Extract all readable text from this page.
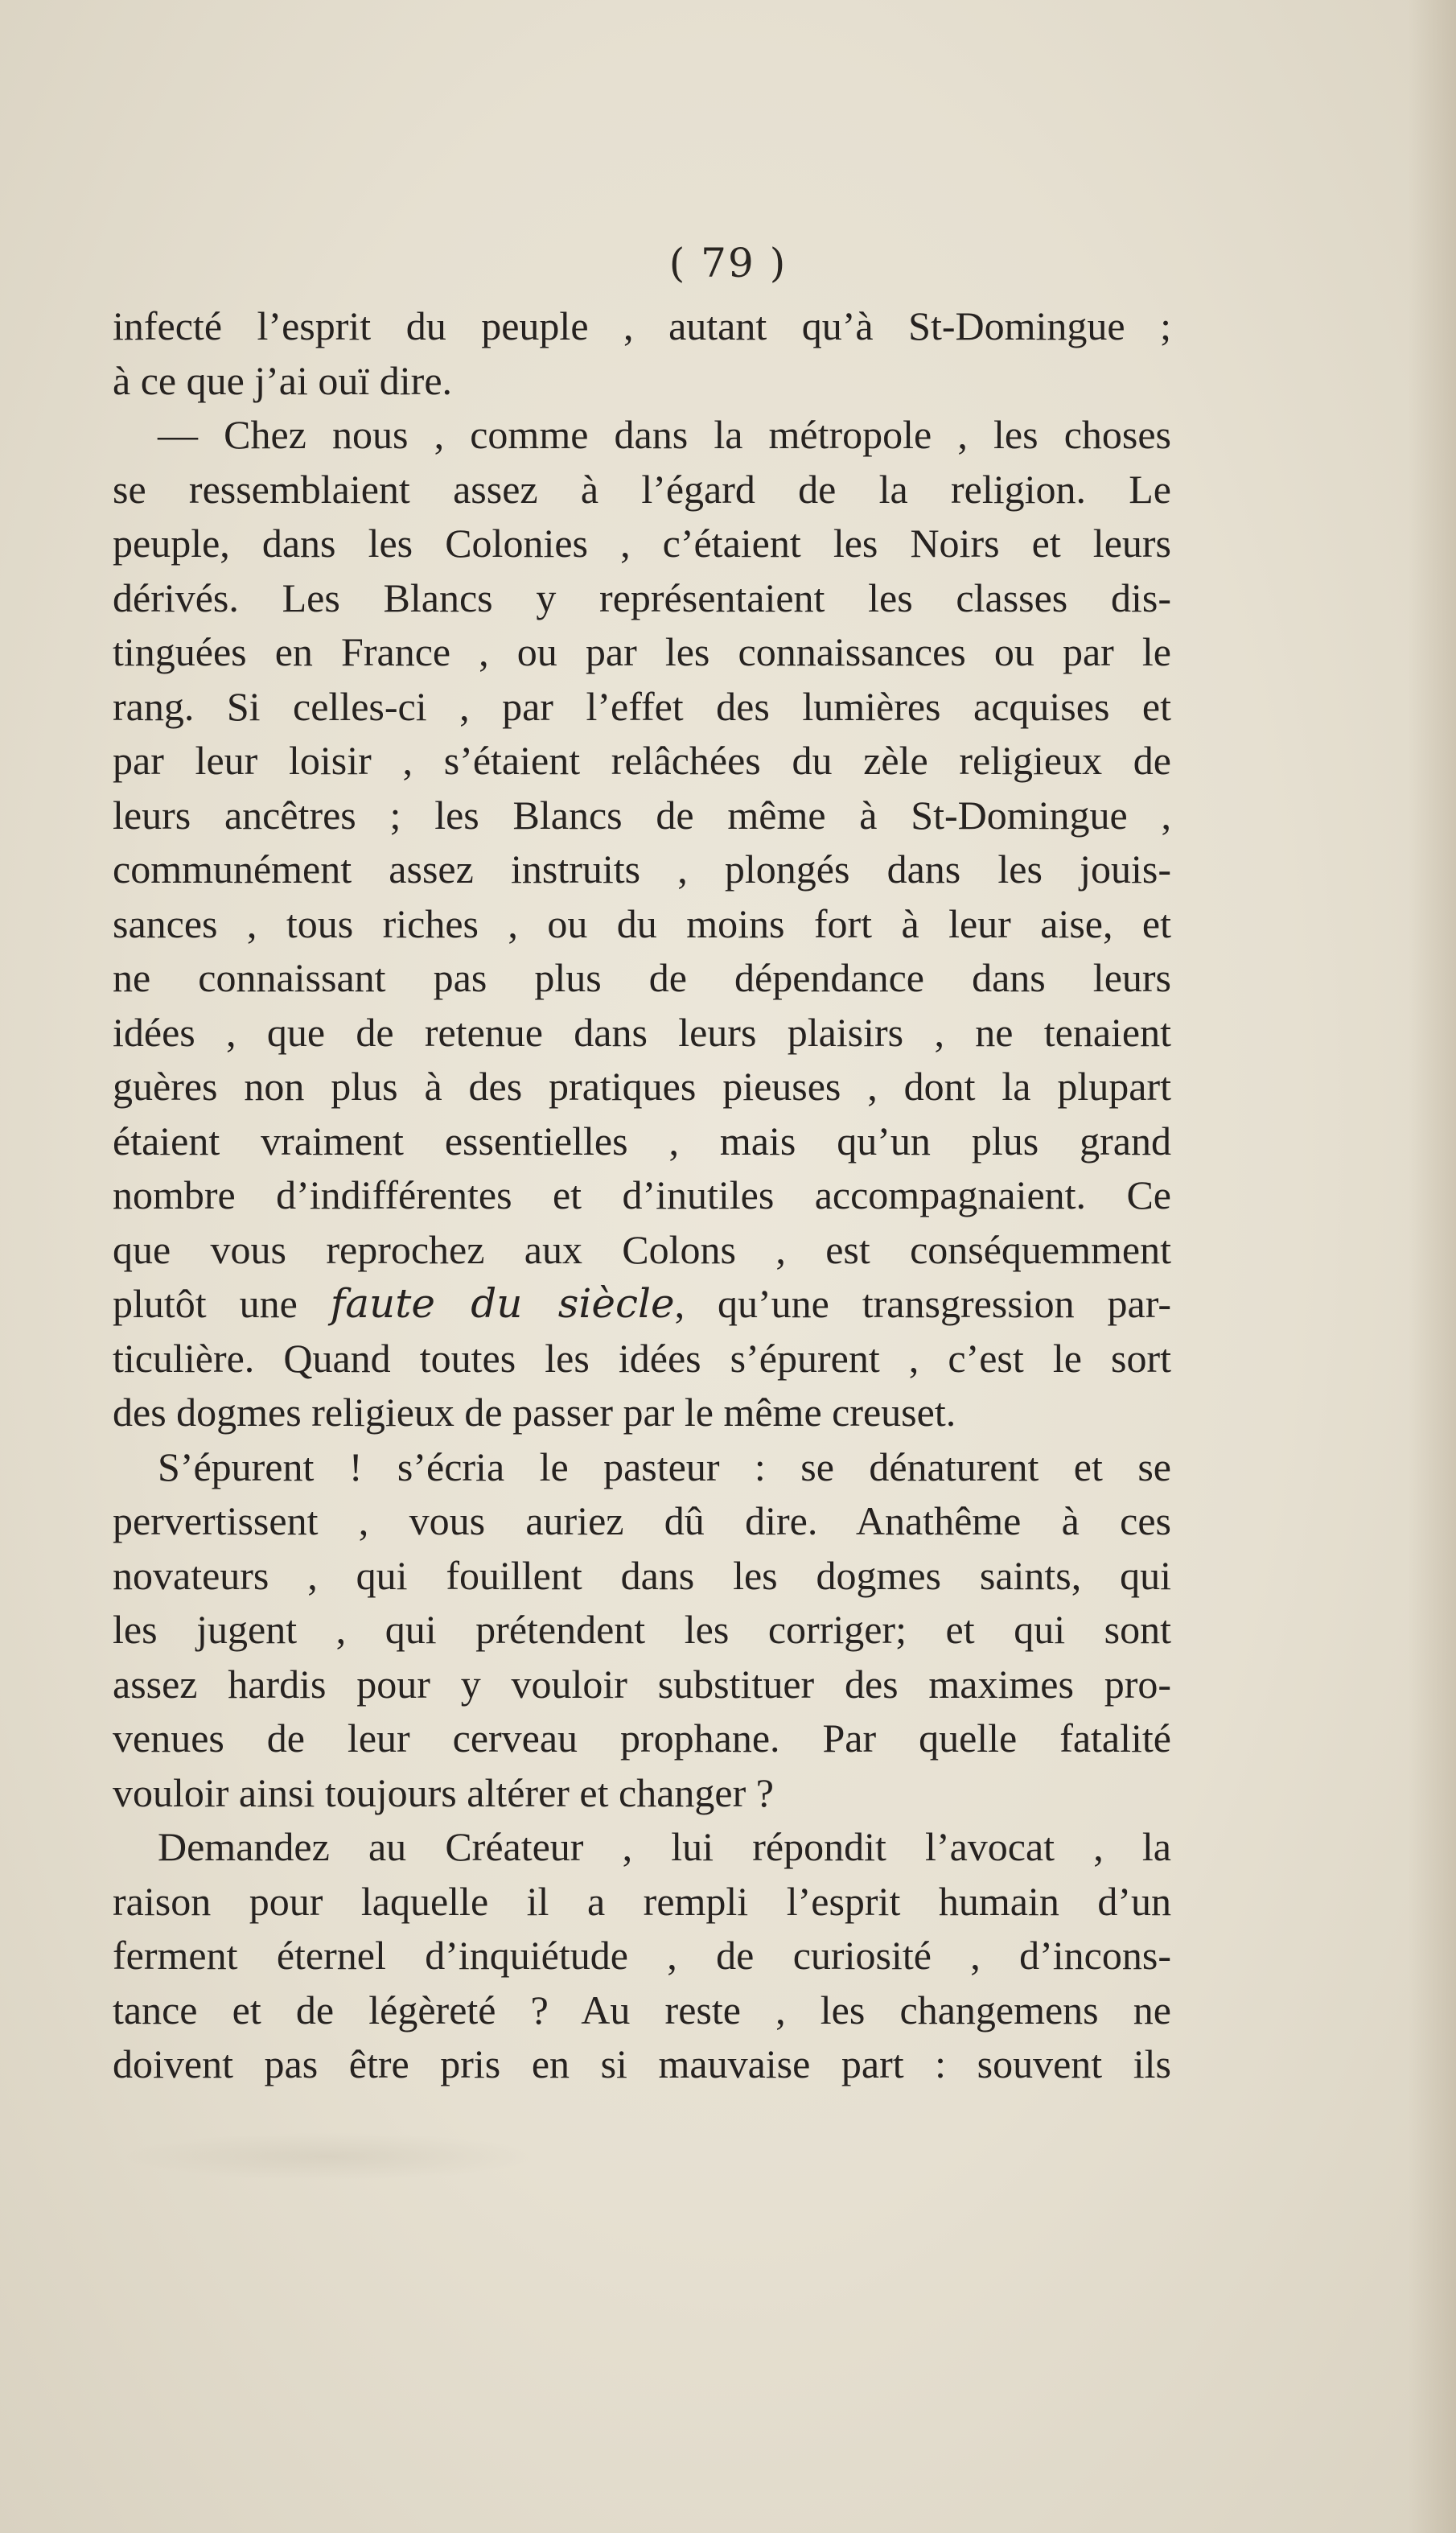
( 79 )
infecté l’esprit du peuple , autant qu’à St-Domingue ;
à ce que j’ai ouï dire.
— Chez nous , comme dans la métropole , les choses
se ressemblaient assez à l’égard de la religion. Le
peuple, dans les Colonies , c’étaient les Noirs et leurs
dérivés. Les Blancs y représentaient les classes dis-
tinguées en France , ou par les connaissances ou par le
rang. Si celles-ci , par l’effet des lumières acquises et
par leur loisir , s’étaient relâchées du zèle religieux de
leurs ancêtres ; les Blancs de même à St-Domingue ,
communément assez instruits , plongés dans les jouis-
sances , tous riches , ou du moins fort à leur aise, et
ne connaissant pas plus de dépendance dans leurs
idées , que de retenue dans leurs plaisirs , ne tenaient
guères non plus à des pratiques pieuses , dont la plupart
étaient vraiment essentielles , mais qu’un plus grand
nombre d’indifférentes et d’inutiles accompagnaient. Ce
que vous reprochez aux Colons , est conséquemment
plutôt une faute du siècle, qu’une transgression par-
ticulière. Quand toutes les idées s’épurent , c’est le sort
des dogmes religieux de passer par le même creuset.
S’épurent ! s’écria le pasteur : se dénaturent et se
pervertissent , vous auriez dû dire. Anathême à ces
novateurs , qui fouillent dans les dogmes saints, qui
les jugent , qui prétendent les corriger; et qui sont
assez hardis pour y vouloir substituer des maximes pro-
venues de leur cerveau prophane. Par quelle fatalité
vouloir ainsi toujours altérer et changer ?
Demandez au Créateur , lui répondit l’avocat , la
raison pour laquelle il a rempli l’esprit humain d’un
ferment éternel d’inquiétude , de curiosité , d’incons-
tance et de légèreté ? Au reste , les changemens ne
doivent pas être pris en si mauvaise part : souvent ils
